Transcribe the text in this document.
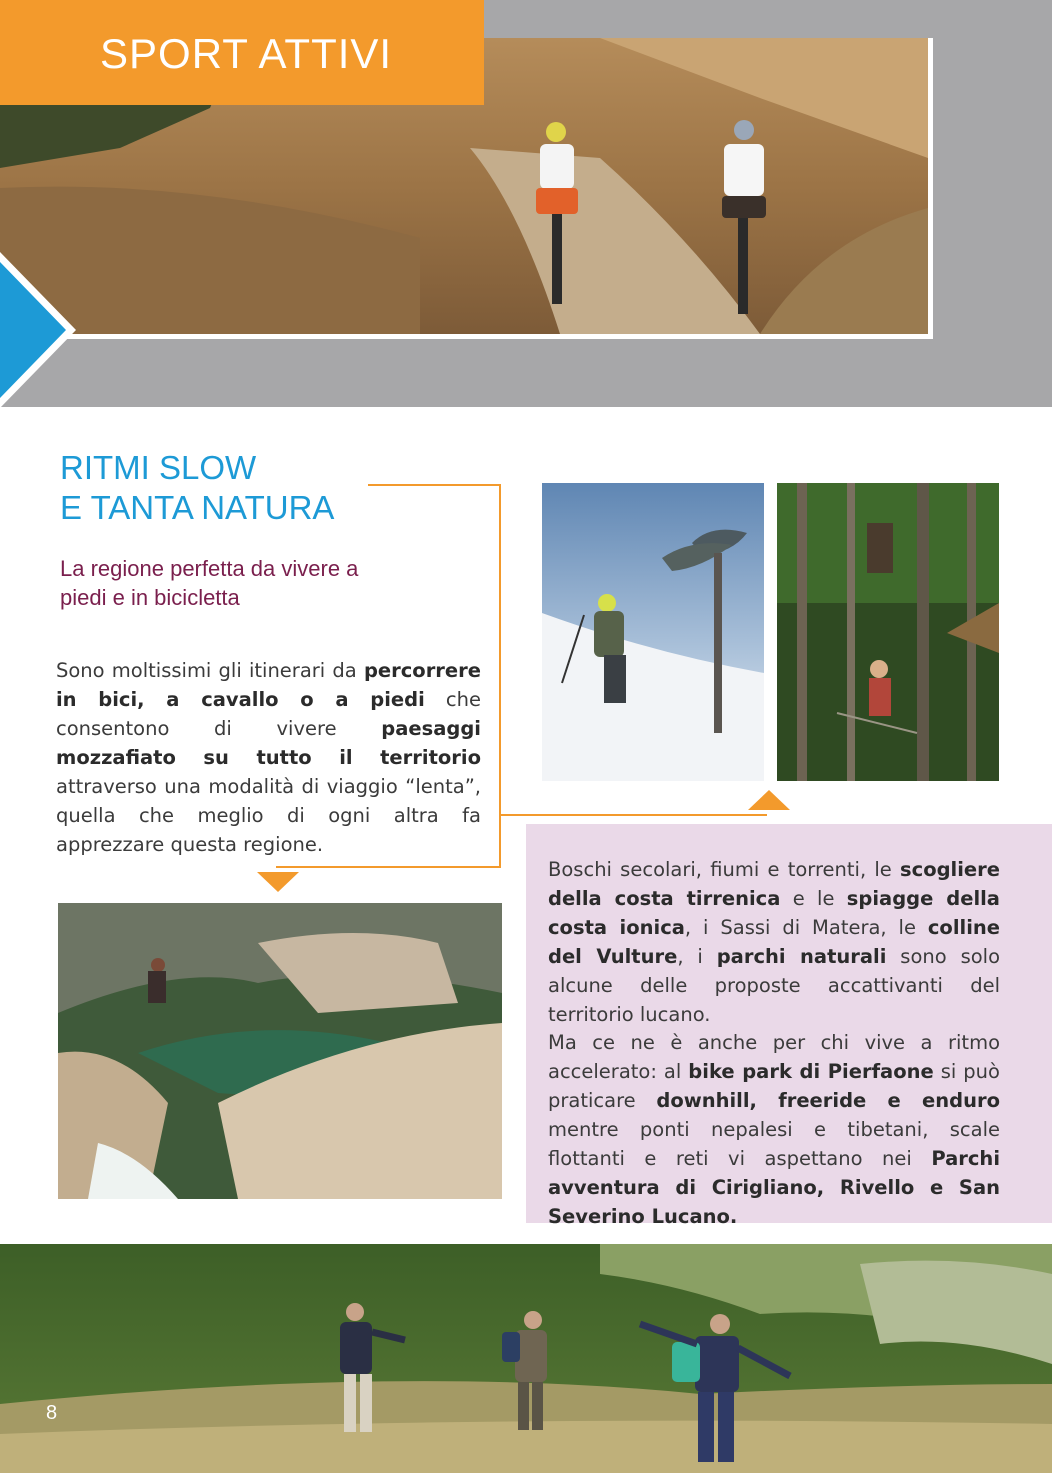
SPORT ATTIVI
RITMI SLOW
E TANTA NATURA
La regione perfetta da vivere a
piedi e in bicicletta

Sono moltissimi gli itinerari da percorrere in bici, a cavallo o a piedi che consentono di vivere paesaggi mozzafiato su tutto il territorio attraverso una modalità di viaggio “lenta”, quella che meglio di ogni altra fa apprezzare questa regione.

Boschi secolari, fiumi e torrenti, le scogliere della costa tirrenica e le spiagge della costa ionica, i Sassi di Matera, le colline del Vulture, i parchi naturali sono solo alcune delle proposte accattivanti del territorio lucano.

Ma ce ne è anche per chi vive a ritmo accelerato: al bike park di Pierfaone si può praticare downhill, freeride e enduro mentre ponti nepalesi e tibetani, scale flottanti e reti vi aspettano nei Parchi avventura di Cirigliano, Rivello e San Severino Lucano.

8
